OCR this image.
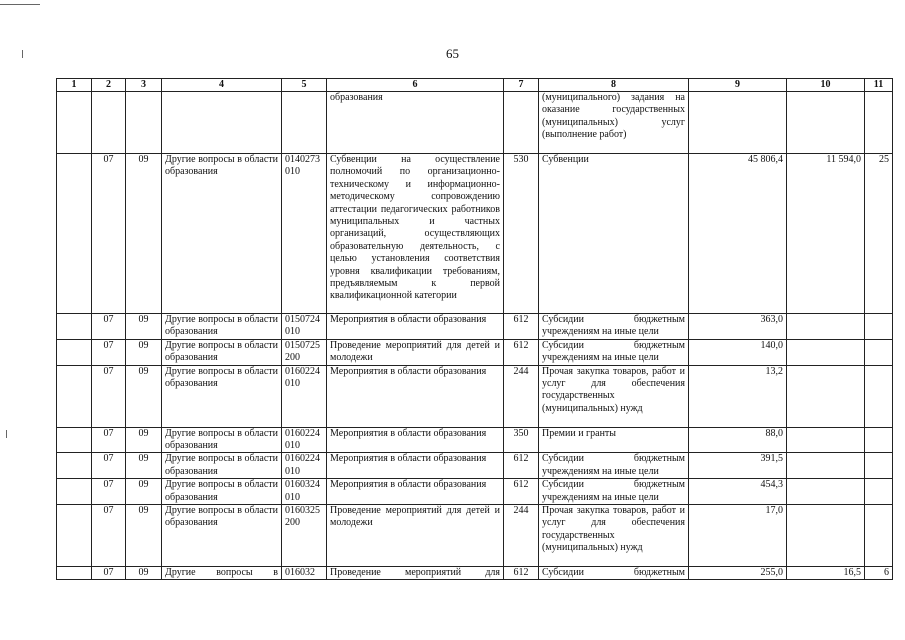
65
1	2	3	4	5	6	7	8	9	10	11
					образования		(муниципального) задания на оказание государственных (муниципальных) услуг (выполнение работ)			
	07	09	Другие вопросы в области образования	0140273010	Субвенции на осуществление полномочий по организационно-техническому и информационно-методическому сопровождению аттестации педагогических работников муниципальных и частных организаций, осуществляющих образовательную деятельность, с целью установления соответствия уровня квалификации требованиям, предъявляемым к первой квалификационной категории	530	Субвенции	45 806,4	11 594,0	25
	07	09	Другие вопросы в области образования	0150724010	Мероприятия в области образования	612	Субсидии бюджетным учреждениям на иные цели	363,0		
	07	09	Другие вопросы в области образования	0150725200	Проведение мероприятий для детей и молодежи	612	Субсидии бюджетным учреждениям на иные цели	140,0		
	07	09	Другие вопросы в области образования	0160224010	Мероприятия в области образования	244	Прочая закупка товаров, работ и услуг для обеспечения государственных (муниципальных) нужд	13,2		
	07	09	Другие вопросы в области образования	0160224010	Мероприятия в области образования	350	Премии и гранты	88,0		
	07	09	Другие вопросы в области образования	0160224010	Мероприятия в области образования	612	Субсидии бюджетным учреждениям на иные цели	391,5		
	07	09	Другие вопросы в области образования	0160324010	Мероприятия в области образования	612	Субсидии бюджетным учреждениям на иные цели	454,3		
	07	09	Другие вопросы в области образования	0160325200	Проведение мероприятий для детей и молодежи	244	Прочая закупка товаров, работ и услуг для обеспечения государственных (муниципальных) нужд	17,0		
	07	09	Другие вопросы в	016032	Проведение мероприятий для	612	Субсидии бюджетным	255,0	16,5	6
